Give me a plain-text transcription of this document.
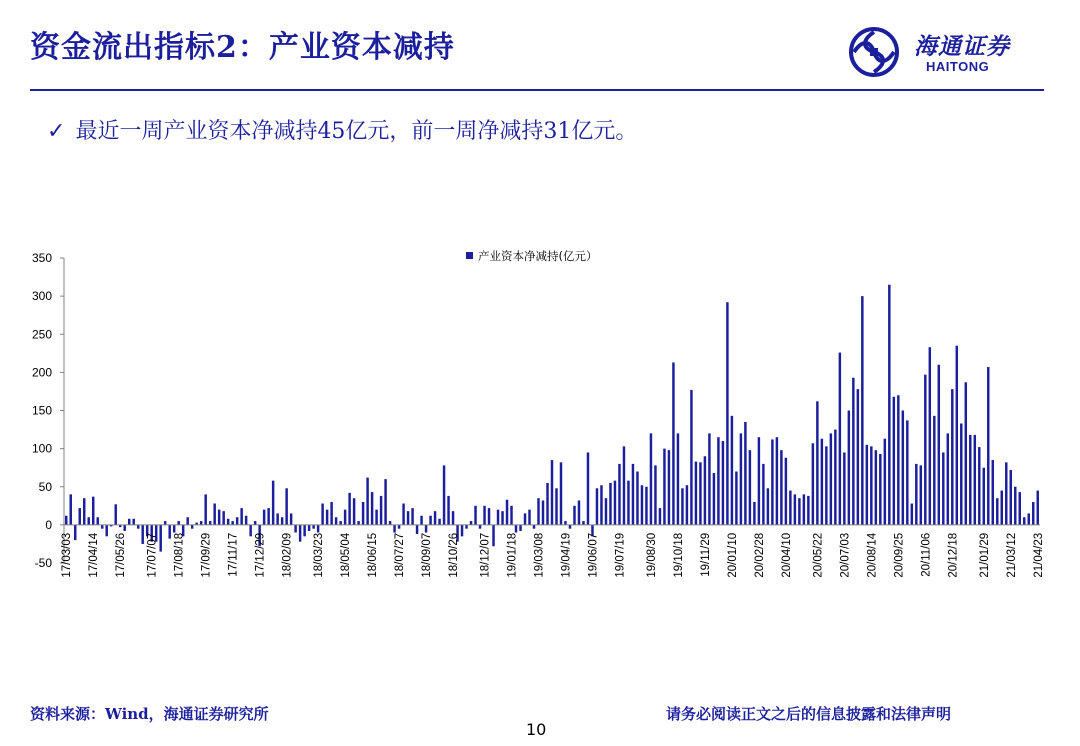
资金流出指标2：产业资本减持	海通证券
HAITONG
✓ 最近一周产业资本净减持45亿元，前一周净减持31亿元。
350
300
250
200
150
100
50
0
-50 17/03/03 17/04/14 17/05/26 17/07/07 17/08/18 17/09/29 17/11/17 17/12/29 18/02/09 18/03/23 18/05/04 18/06/15 18/07/27 18/09/07 18/10/26 18/12/07 19/01/18 19/03/08 19/04/19 19/06/07 19/07/19 19/08/30 19/10/18 19/11/29 20/01/10 20/02/28 20/04/10 20/05/22 20/07/03 20/08/14 20/09/25 20/11/06 20/12/18 21/01/29 21/03/12 21/04/23
产业资本净减持(亿元）
资料来源：Wind，海通证券研究所
10
请务必阅读正文之后的信息披露和法律声明
